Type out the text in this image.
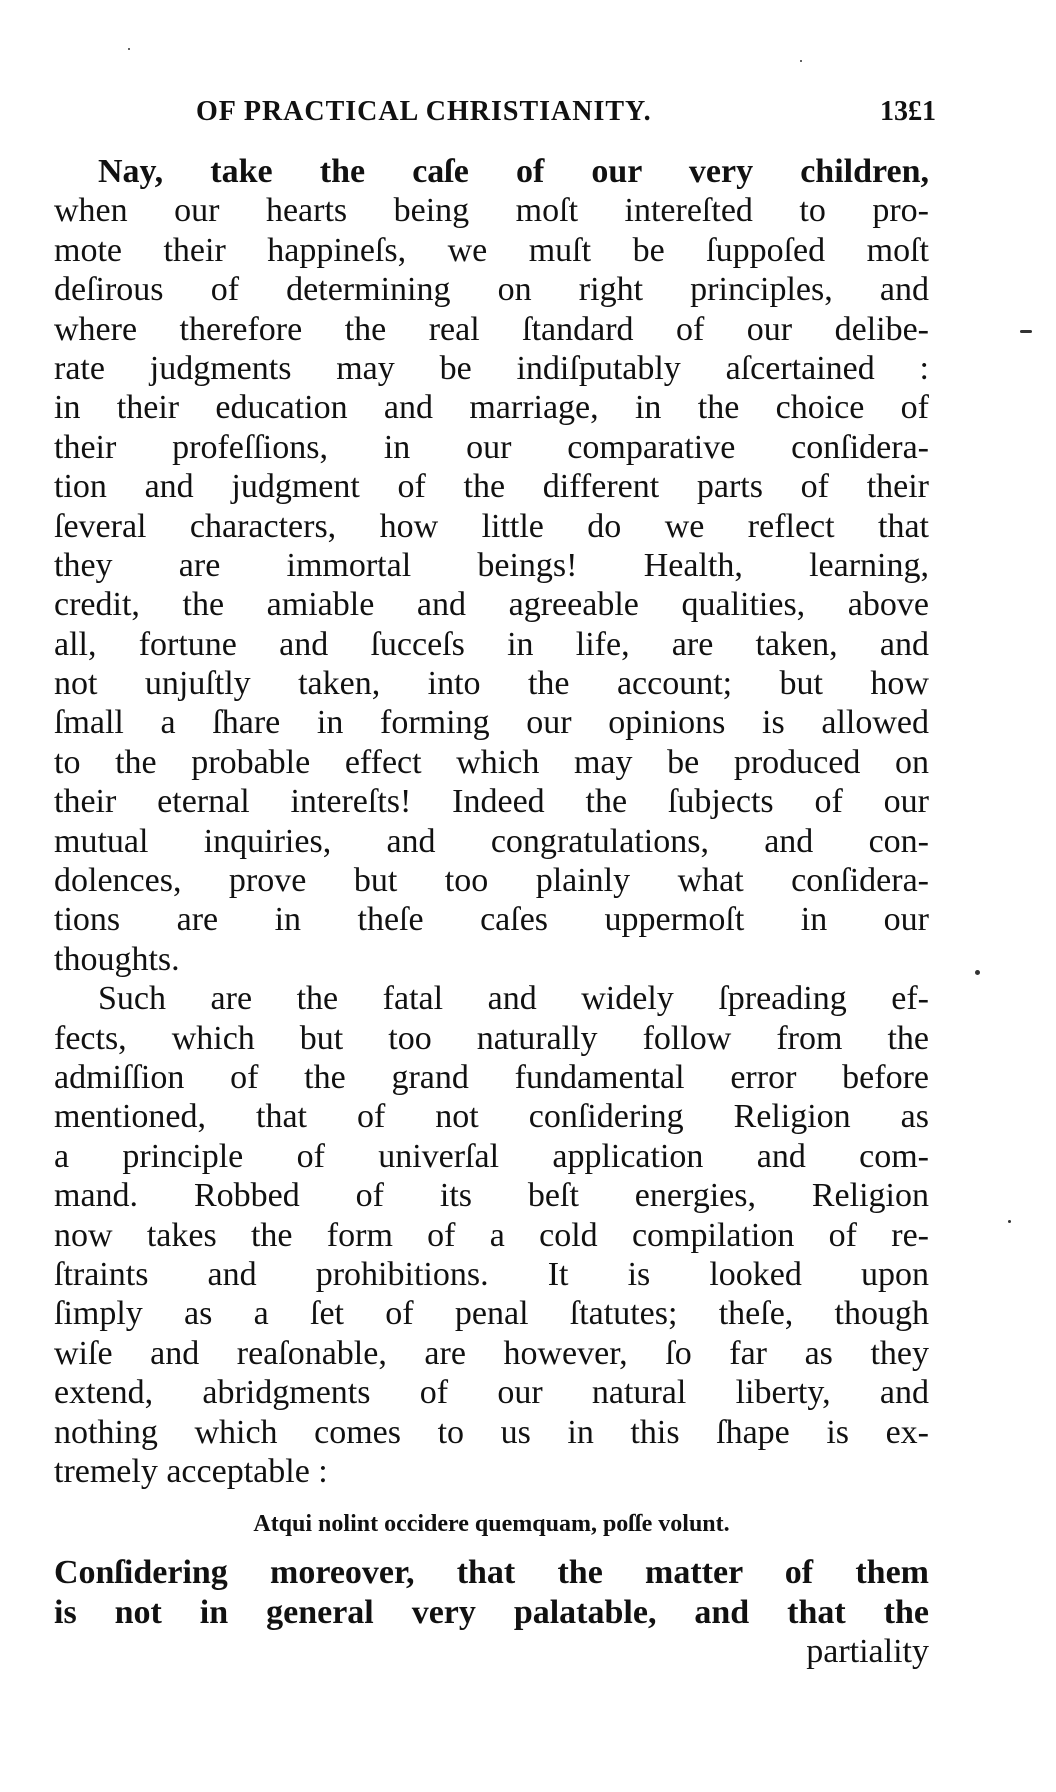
OF PRACTICAL CHRISTIANITY.	13£1
Nay, take the caſe of our very children,
when our hearts being moſt intereſted to pro-
mote their happineſs, we muſt be ſuppoſed moſt
deſirous of determining on right principles, and
where therefore the real ſtandard of our delibe-
rate judgments may be indiſputably aſcertained :
in their education and marriage, in the choice of
their profeſſions, in our comparative conſidera-
tion and judgment of the different parts of their
ſeveral characters, how little do we reflect that
they are immortal beings! Health, learning,
credit, the amiable and agreeable qualities, above
all, fortune and ſucceſs in life, are taken, and
not unjuſtly taken, into the account; but how
ſmall a ſhare in forming our opinions is allowed
to the probable effect which may be produced on
their eternal intereſts! Indeed the ſubjects of our
mutual inquiries, and congratulations, and con-
dolences, prove but too plainly what conſidera-
tions are in theſe caſes uppermoſt in our
thoughts.
Such are the fatal and widely ſpreading ef-
fects, which but too naturally follow from the
admiſſion of the grand fundamental error before
mentioned, that of not conſidering Religion as
a principle of univerſal application and com-
mand. Robbed of its beſt energies, Religion
now takes the form of a cold compilation of re-
ſtraints and prohibitions. It is looked upon
ſimply as a ſet of penal ſtatutes; theſe, though
wiſe and reaſonable, are however, ſo far as they
extend, abridgments of our natural liberty, and
nothing which comes to us in this ſhape is ex-
tremely acceptable :
Atqui nolint occidere quemquam, poſſe volunt.
Conſidering moreover, that the matter of them
is not in general very palatable, and that the
partiality
